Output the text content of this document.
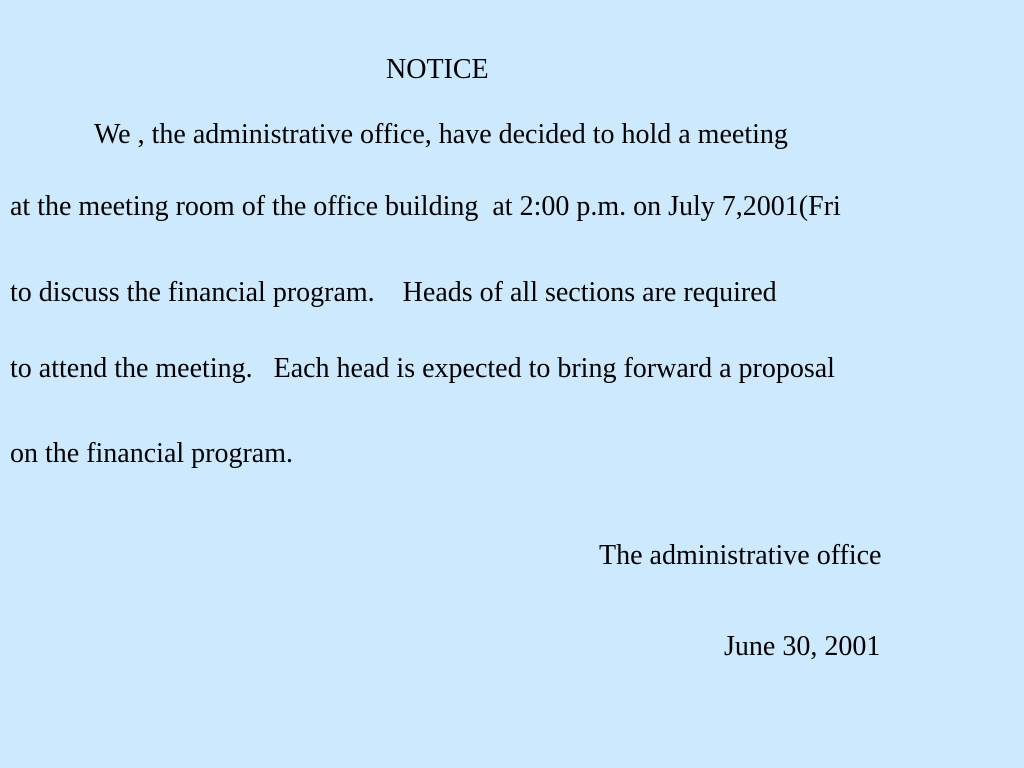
NOTICE
We , the administrative office, have decided to hold a meeting
at the meeting room of the office building  at 2:00 p.m. on July 7,2001(Fri
to discuss the financial program.    Heads of all sections are required
to attend the meeting.   Each head is expected to bring forward a proposal
on the financial program.
The administrative office
June 30, 2001
